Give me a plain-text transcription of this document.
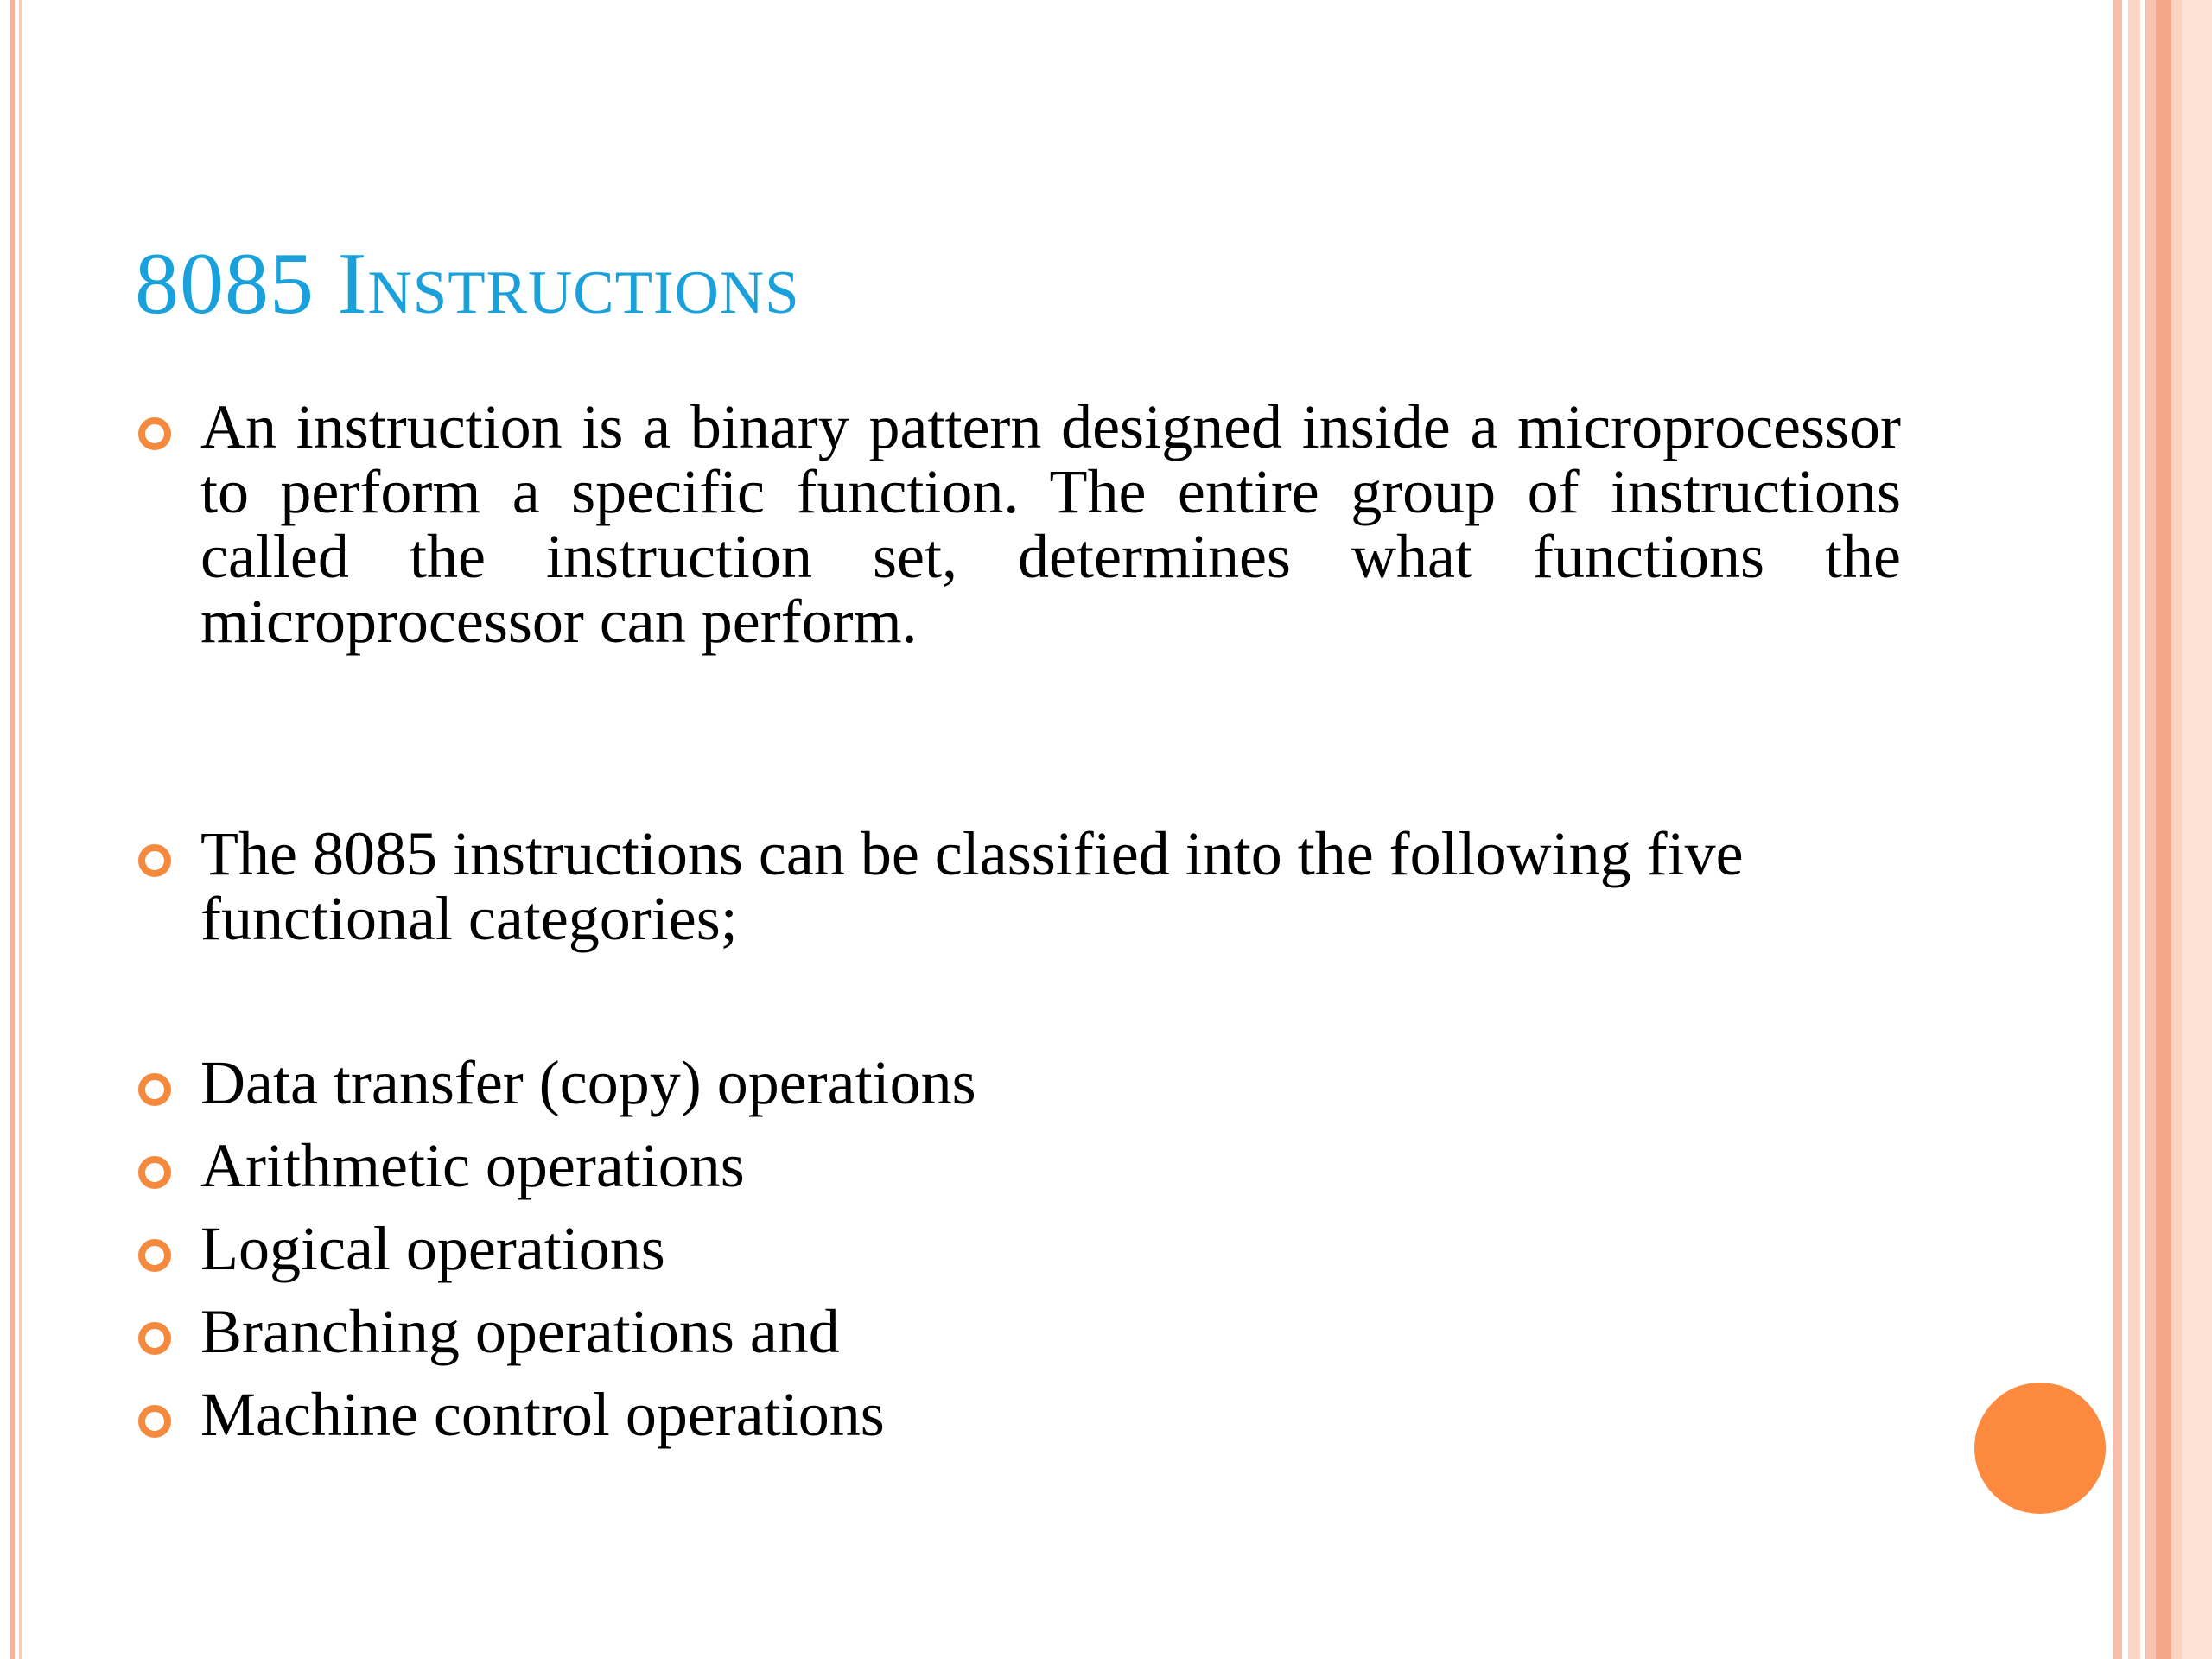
8085 Instructions
An instruction is a binary pattern designed inside a microprocessor to perform a specific function. The entire group of instructions called the instruction set, determines what functions the microprocessor can perform.
The 8085 instructions can be classified into the following five functional categories;
Data transfer (copy) operations
Arithmetic operations
Logical operations
Branching operations and
Machine control operations
